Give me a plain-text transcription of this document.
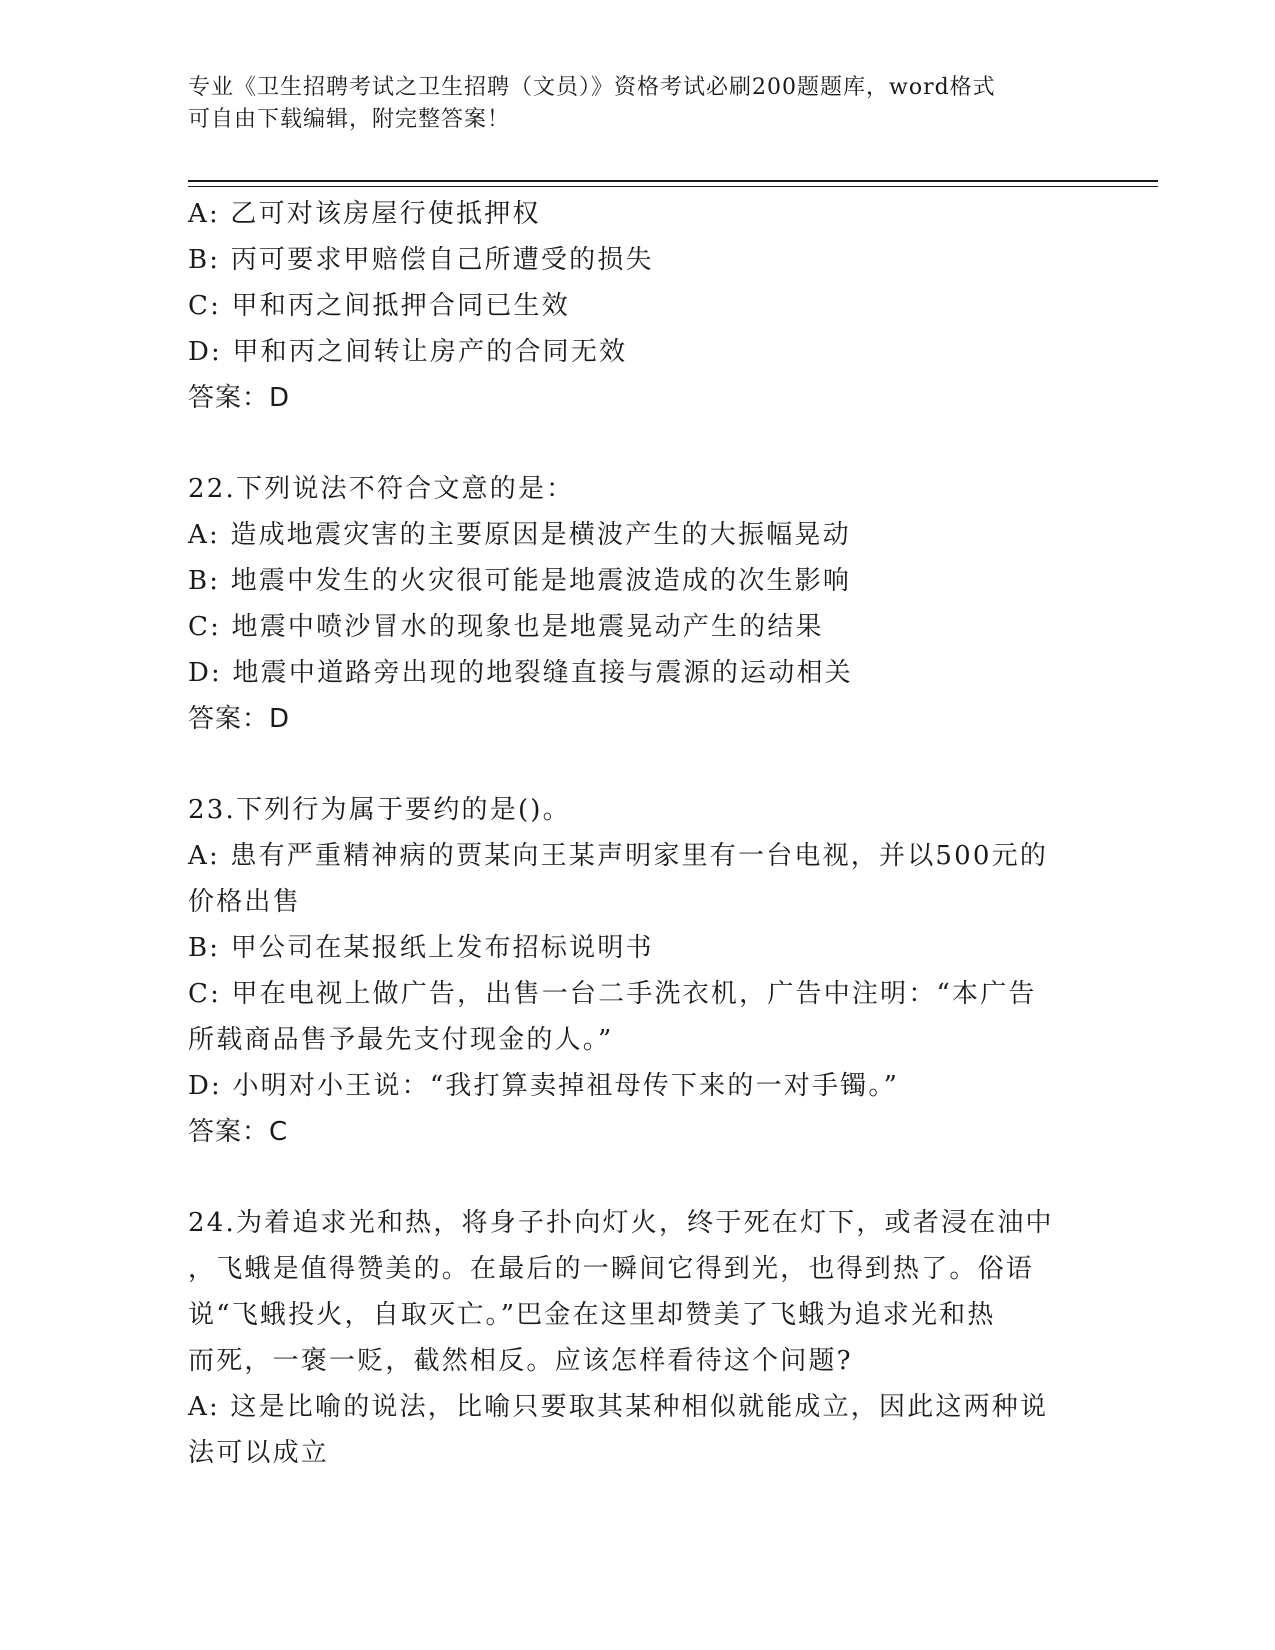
专业《卫生招聘考试之卫生招聘（文员）》资格考试必刷200题题库，word格式
可自由下载编辑，附完整答案！
A: 乙可对该房屋行使抵押权
B: 丙可要求甲赔偿自己所遭受的损失
C: 甲和丙之间抵押合同已生效
D: 甲和丙之间转让房产的合同无效
答案：D
22.下列说法不符合文意的是：
A: 造成地震灾害的主要原因是横波产生的大振幅晃动
B: 地震中发生的火灾很可能是地震波造成的次生影响
C: 地震中喷沙冒水的现象也是地震晃动产生的结果
D: 地震中道路旁出现的地裂缝直接与震源的运动相关
答案：D
23.下列行为属于要约的是()。
A: 患有严重精神病的贾某向王某声明家里有一台电视，并以500元的
价格出售
B: 甲公司在某报纸上发布招标说明书
C: 甲在电视上做广告，出售一台二手洗衣机，广告中注明：“本广告
所载商品售予最先支付现金的人。”
D: 小明对小王说：“我打算卖掉祖母传下来的一对手镯。”
答案：C
24.为着追求光和热，将身子扑向灯火，终于死在灯下，或者浸在油中
，飞蛾是值得赞美的。在最后的一瞬间它得到光，也得到热了。俗语
说“飞蛾投火，自取灭亡。”巴金在这里却赞美了飞蛾为追求光和热
而死，一褒一贬，截然相反。应该怎样看待这个问题?
A: 这是比喻的说法，比喻只要取其某种相似就能成立，因此这两种说
法可以成立
